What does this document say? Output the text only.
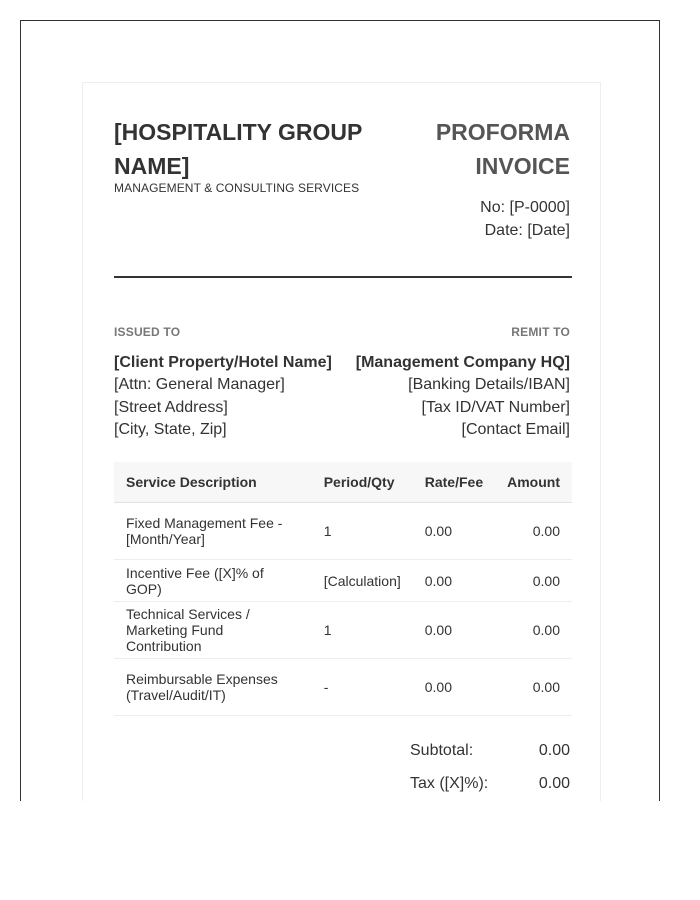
[HOSPITALITY GROUP NAME]
MANAGEMENT & CONSULTING SERVICES
PROFORMA INVOICE
No: [P-0000]
Date: [Date]
ISSUED TO
[Client Property/Hotel Name]
[Attn: General Manager]
[Street Address]
[City, State, Zip]
REMIT TO
[Management Company HQ]
[Banking Details/IBAN]
[Tax ID/VAT Number]
[Contact Email]
Service Description	Period/Qty	Rate/Fee	Amount
Fixed Management Fee - [Month/Year]	1	0.00	0.00
Incentive Fee ([X]% of GOP)	[Calculation]	0.00	0.00
Technical Services / Marketing Fund Contribution	1	0.00	0.00
Reimbursable Expenses (Travel/Audit/IT)	-	0.00	0.00
Subtotal:	0.00
Tax ([X]%):	0.00
